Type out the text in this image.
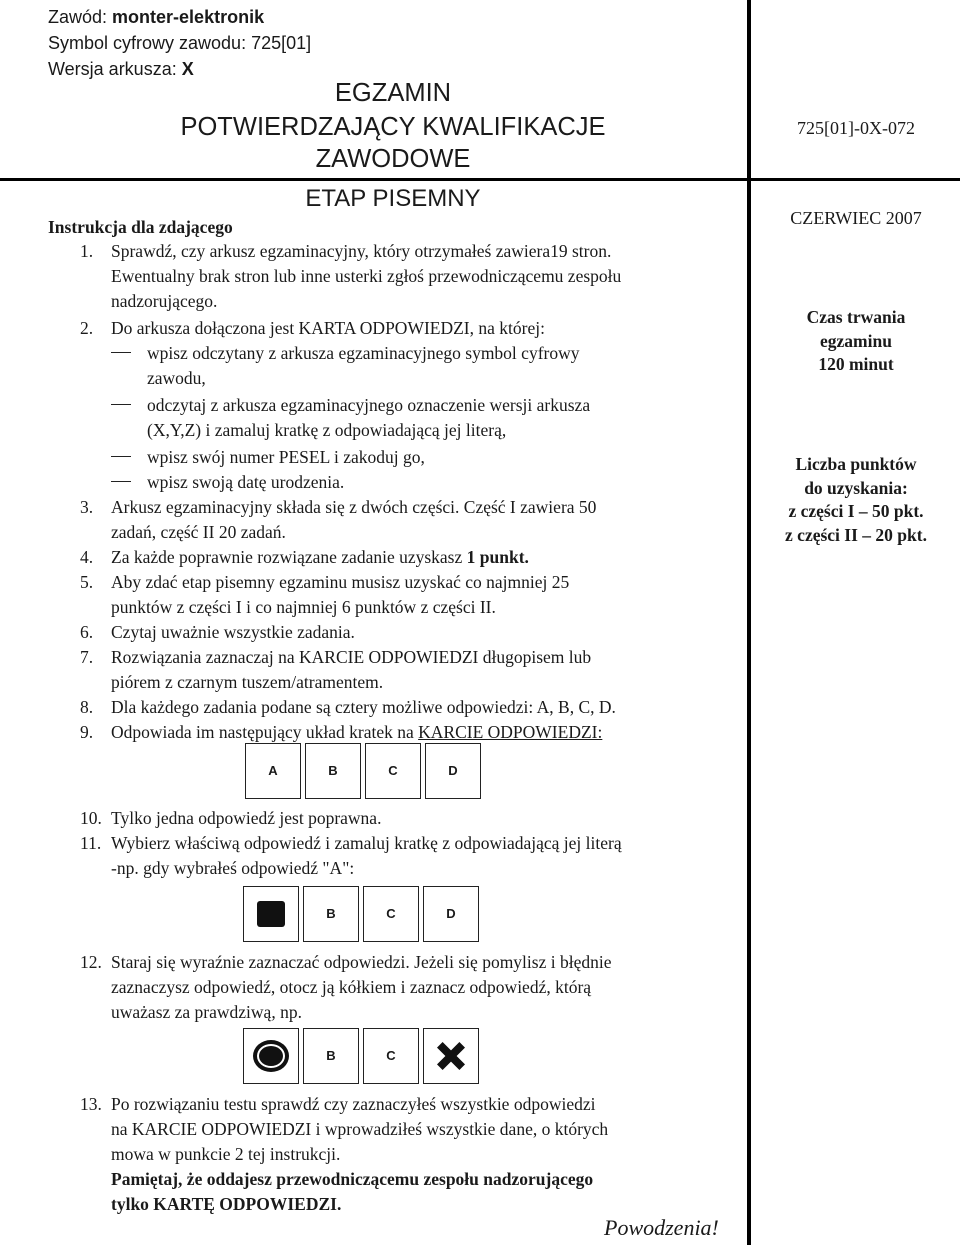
Zawód: monter-elektronik
Symbol cyfrowy zawodu: 725[01]
Wersja arkusza: X
EGZAMIN
POTWIERDZAJĄCY KWALIFIKACJE
ZAWODOWE
ETAP PISEMNY
725[01]-0X-072
CZERWIEC 2007
Czas trwania
egzaminu
120 minut
Liczba punktów
do uzyskania:
z części I – 50 pkt.
z części II – 20 pkt.
Instrukcja dla zdającego
1. Sprawdź, czy arkusz egzaminacyjny, który otrzymałeś zawiera19 stron.
Ewentualny brak stron lub inne usterki zgłoś przewodniczącemu zespołu
nadzorującego.
2. Do arkusza dołączona jest KARTA ODPOWIEDZI, na której:
wpisz odczytany z arkusza egzaminacyjnego symbol cyfrowy
zawodu,
odczytaj z arkusza egzaminacyjnego oznaczenie wersji arkusza
(X,Y,Z) i zamaluj kratkę z odpowiadającą jej literą,
wpisz swój numer PESEL i zakoduj go,
wpisz swoją datę urodzenia.
3. Arkusz egzaminacyjny składa się z dwóch części. Część I zawiera 50
zadań, część II 20 zadań.
4. Za każde poprawnie rozwiązane zadanie uzyskasz 1 punkt.
5. Aby zdać etap pisemny egzaminu musisz uzyskać co najmniej 25
punktów z części I i co najmniej 6 punktów z części II.
6. Czytaj uważnie wszystkie zadania.
7. Rozwiązania zaznaczaj na KARCIE ODPOWIEDZI długopisem lub
piórem z czarnym tuszem/atramentem.
8. Dla każdego zadania podane są cztery możliwe odpowiedzi: A, B, C, D.
9. Odpowiada im następujący układ kratek na KARCIE ODPOWIEDZI:
A	B	C	D
10. Tylko jedna odpowiedź jest poprawna.
11. Wybierz właściwą odpowiedź i zamaluj kratkę z odpowiadającą jej literą
-np. gdy wybrałeś odpowiedź "A":
B	C	D
12. Staraj się wyraźnie zaznaczać odpowiedzi. Jeżeli się pomylisz i błędnie
zaznaczysz odpowiedź, otocz ją kółkiem i zaznacz odpowiedź, którą
uważasz za prawdziwą, np.
B	C
13. Po rozwiązaniu testu sprawdź czy zaznaczyłeś wszystkie odpowiedzi
na KARCIE ODPOWIEDZI i wprowadziłeś wszystkie dane, o których
mowa w punkcie 2 tej instrukcji.
Pamiętaj, że oddajesz przewodniczącemu zespołu nadzorującego
tylko KARTĘ ODPOWIEDZI.
Powodzenia!
